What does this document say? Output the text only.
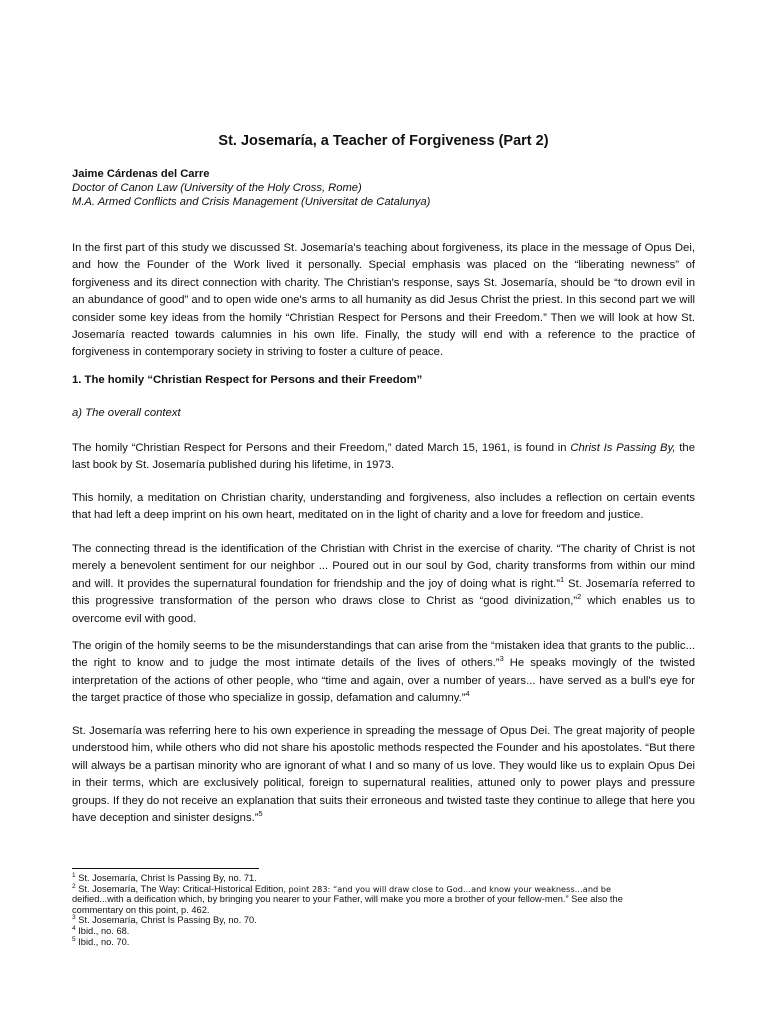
St. Josemaría, a Teacher of Forgiveness (Part 2)
Jaime Cárdenas del Carre
Doctor of Canon Law (University of the Holy Cross, Rome)
M.A. Armed Conflicts and Crisis Management (Universitat de Catalunya)

In the first part of this study we discussed St. Josemaría's teaching about forgiveness, its place in the message of Opus Dei, and how the Founder of the Work lived it personally. Special emphasis was placed on the “liberating newness” of forgiveness and its direct connection with charity. The Christian's response, says St. Josemaría, should be “to drown evil in an abundance of good” and to open wide one's arms to all humanity as did Jesus Christ the priest. In this second part we will consider some key ideas from the homily “Christian Respect for Persons and their Freedom.” Then we will look at how St. Josemaría reacted towards calumnies in his own life. Finally, the study will end with a reference to the practice of forgiveness in contemporary society in striving to foster a culture of peace.

1. The homily “Christian Respect for Persons and their Freedom”
a) The overall context

The homily “Christian Respect for Persons and their Freedom,” dated March 15, 1961, is found in Christ Is Passing By, the last book by St. Josemaría published during his lifetime, in 1973.

This homily, a meditation on Christian charity, understanding and forgiveness, also includes a reflection on certain events that had left a deep imprint on his own heart, meditated on in the light of charity and a love for freedom and justice.

The connecting thread is the identification of the Christian with Christ in the exercise of charity. “The charity of Christ is not merely a benevolent sentiment for our neighbor ... Poured out in our soul by God, charity transforms from within our mind and will. It provides the supernatural foundation for friendship and the joy of doing what is right.”$^1$ St. Josemaría referred to this progressive transformation of the person who draws close to Christ as “good divinization,”$^2$ which enables us to overcome evil with good.

The origin of the homily seems to be the misunderstandings that can arise from the “mistaken idea that grants to the public... the right to know and to judge the most intimate details of the lives of others.”$^3$ He speaks movingly of the twisted interpretation of the actions of other people, who “time and again, over a number of years... have served as a bull's eye for the target practice of those who specialize in gossip, defamation and calumny.”$^4$

St. Josemaría was referring here to his own experience in spreading the message of Opus Dei. The great majority of people understood him, while others who did not share his apostolic methods respected the Founder and his apostolates. “But there will always be a partisan minority who are ignorant of what I and so many of us love. They would like us to explain Opus Dei in their terms, which are exclusively political, foreign to supernatural realities, attuned only to power plays and pressure groups. If they do not receive an explanation that suits their erroneous and twisted taste they continue to allege that here you have deception and sinister designs.”$^5$

$^1$ St. Josemaría, Christ Is Passing By, no. 71.
$^2$ St. Josemaría, The Way: Critical-Historical Edition, point 283: “and you will draw close to God…and know your weakness…and be
deified...with a deification which, by bringing you nearer to your Father, will make you more a brother of your fellow-men.” See also the
commentary on this point, p. 462.
$^3$ St. Josemaría, Christ Is Passing By, no. 70.
$^4$ Ibid., no. 68.
$^5$ Ibid., no. 70.
